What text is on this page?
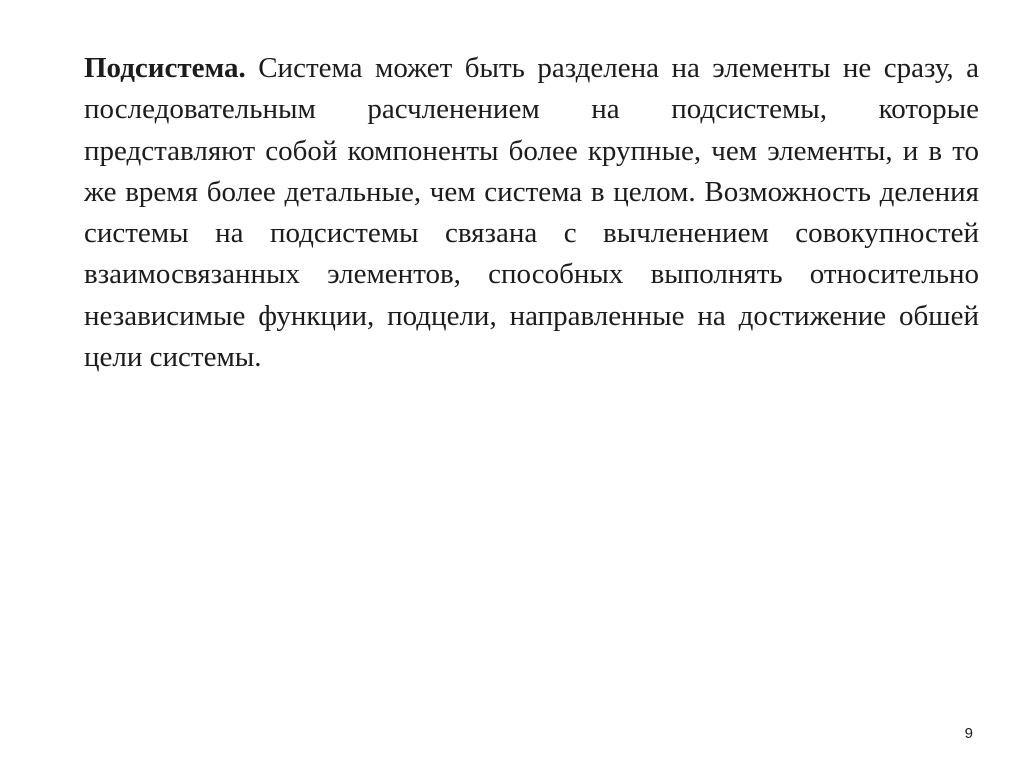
Подсистема. Система может быть разделена на элементы не сразу, а последовательным расчленением на подсистемы, которые представляют собой компоненты более крупные, чем элементы, и в то же время более детальные, чем система в целом. Возможность деления системы на подсистемы связана с вычленением совокупностей взаимосвязанных элементов, способных выполнять относительно независимые функции, подцели, направленные на достижение обшей цели системы.

9
